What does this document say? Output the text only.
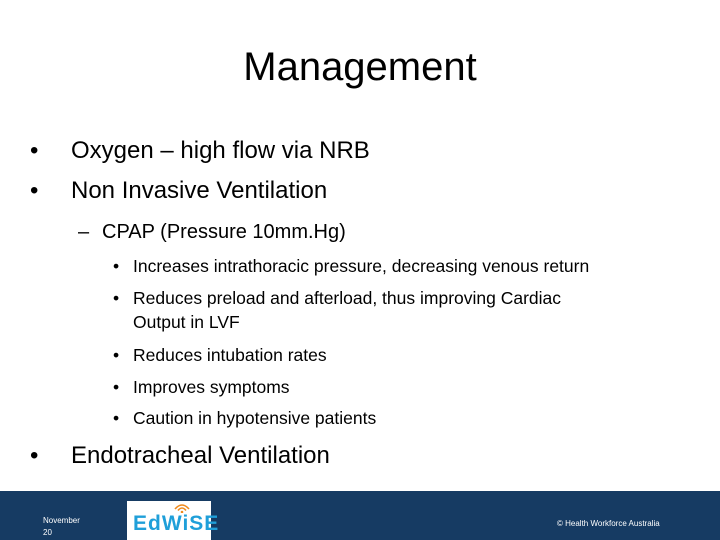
Management
• Oxygen – high flow via NRB
• Non Invasive Ventilation
– CPAP (Pressure 10mm.Hg)
• Increases intrathoracic pressure, decreasing venous return
• Reduces preload and afterload, thus improving Cardiac
Output in LVF
• Reduces intubation rates
• Improves symptoms
• Caution in hypotensive patients
• Endotracheal Ventilation
November
20	EdWiSE	© Health Workforce Australia
